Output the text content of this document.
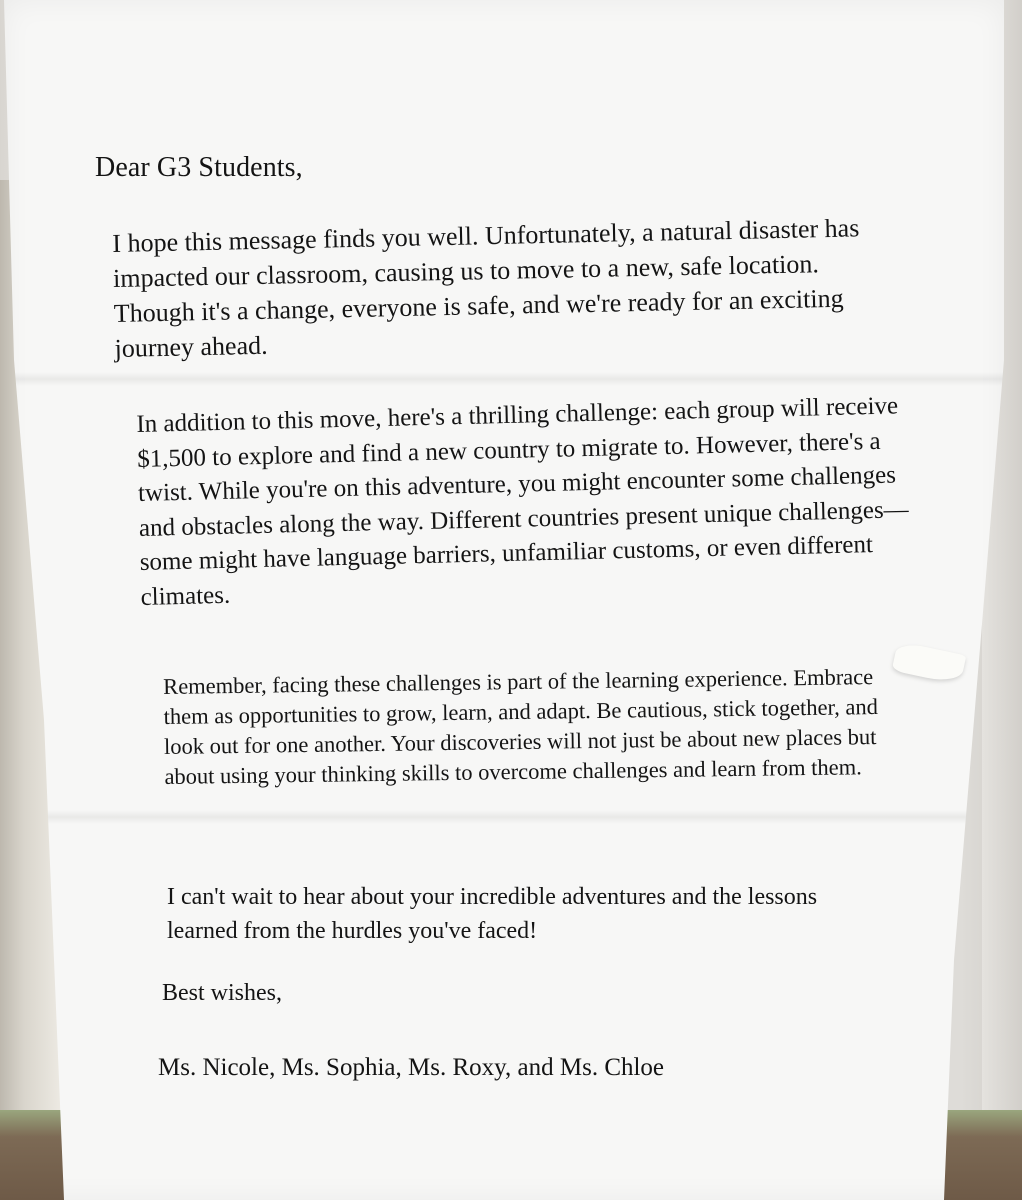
Dear G3 Students,

I hope this message finds you well. Unfortunately, a natural disaster has impacted our classroom, causing us to move to a new, safe location. Though it's a change, everyone is safe, and we're ready for an exciting journey ahead.

In addition to this move, here's a thrilling challenge: each group will receive $1,500 to explore and find a new country to migrate to. However, there's a twist. While you're on this adventure, you might encounter some challenges and obstacles along the way. Different countries present unique challenges—some might have language barriers, unfamiliar customs, or even different climates.

Remember, facing these challenges is part of the learning experience. Embrace them as opportunities to grow, learn, and adapt. Be cautious, stick together, and look out for one another. Your discoveries will not just be about new places but about using your thinking skills to overcome challenges and learn from them.

I can't wait to hear about your incredible adventures and the lessons learned from the hurdles you've faced!

Best wishes,

Ms. Nicole, Ms. Sophia, Ms. Roxy, and Ms. Chloe
